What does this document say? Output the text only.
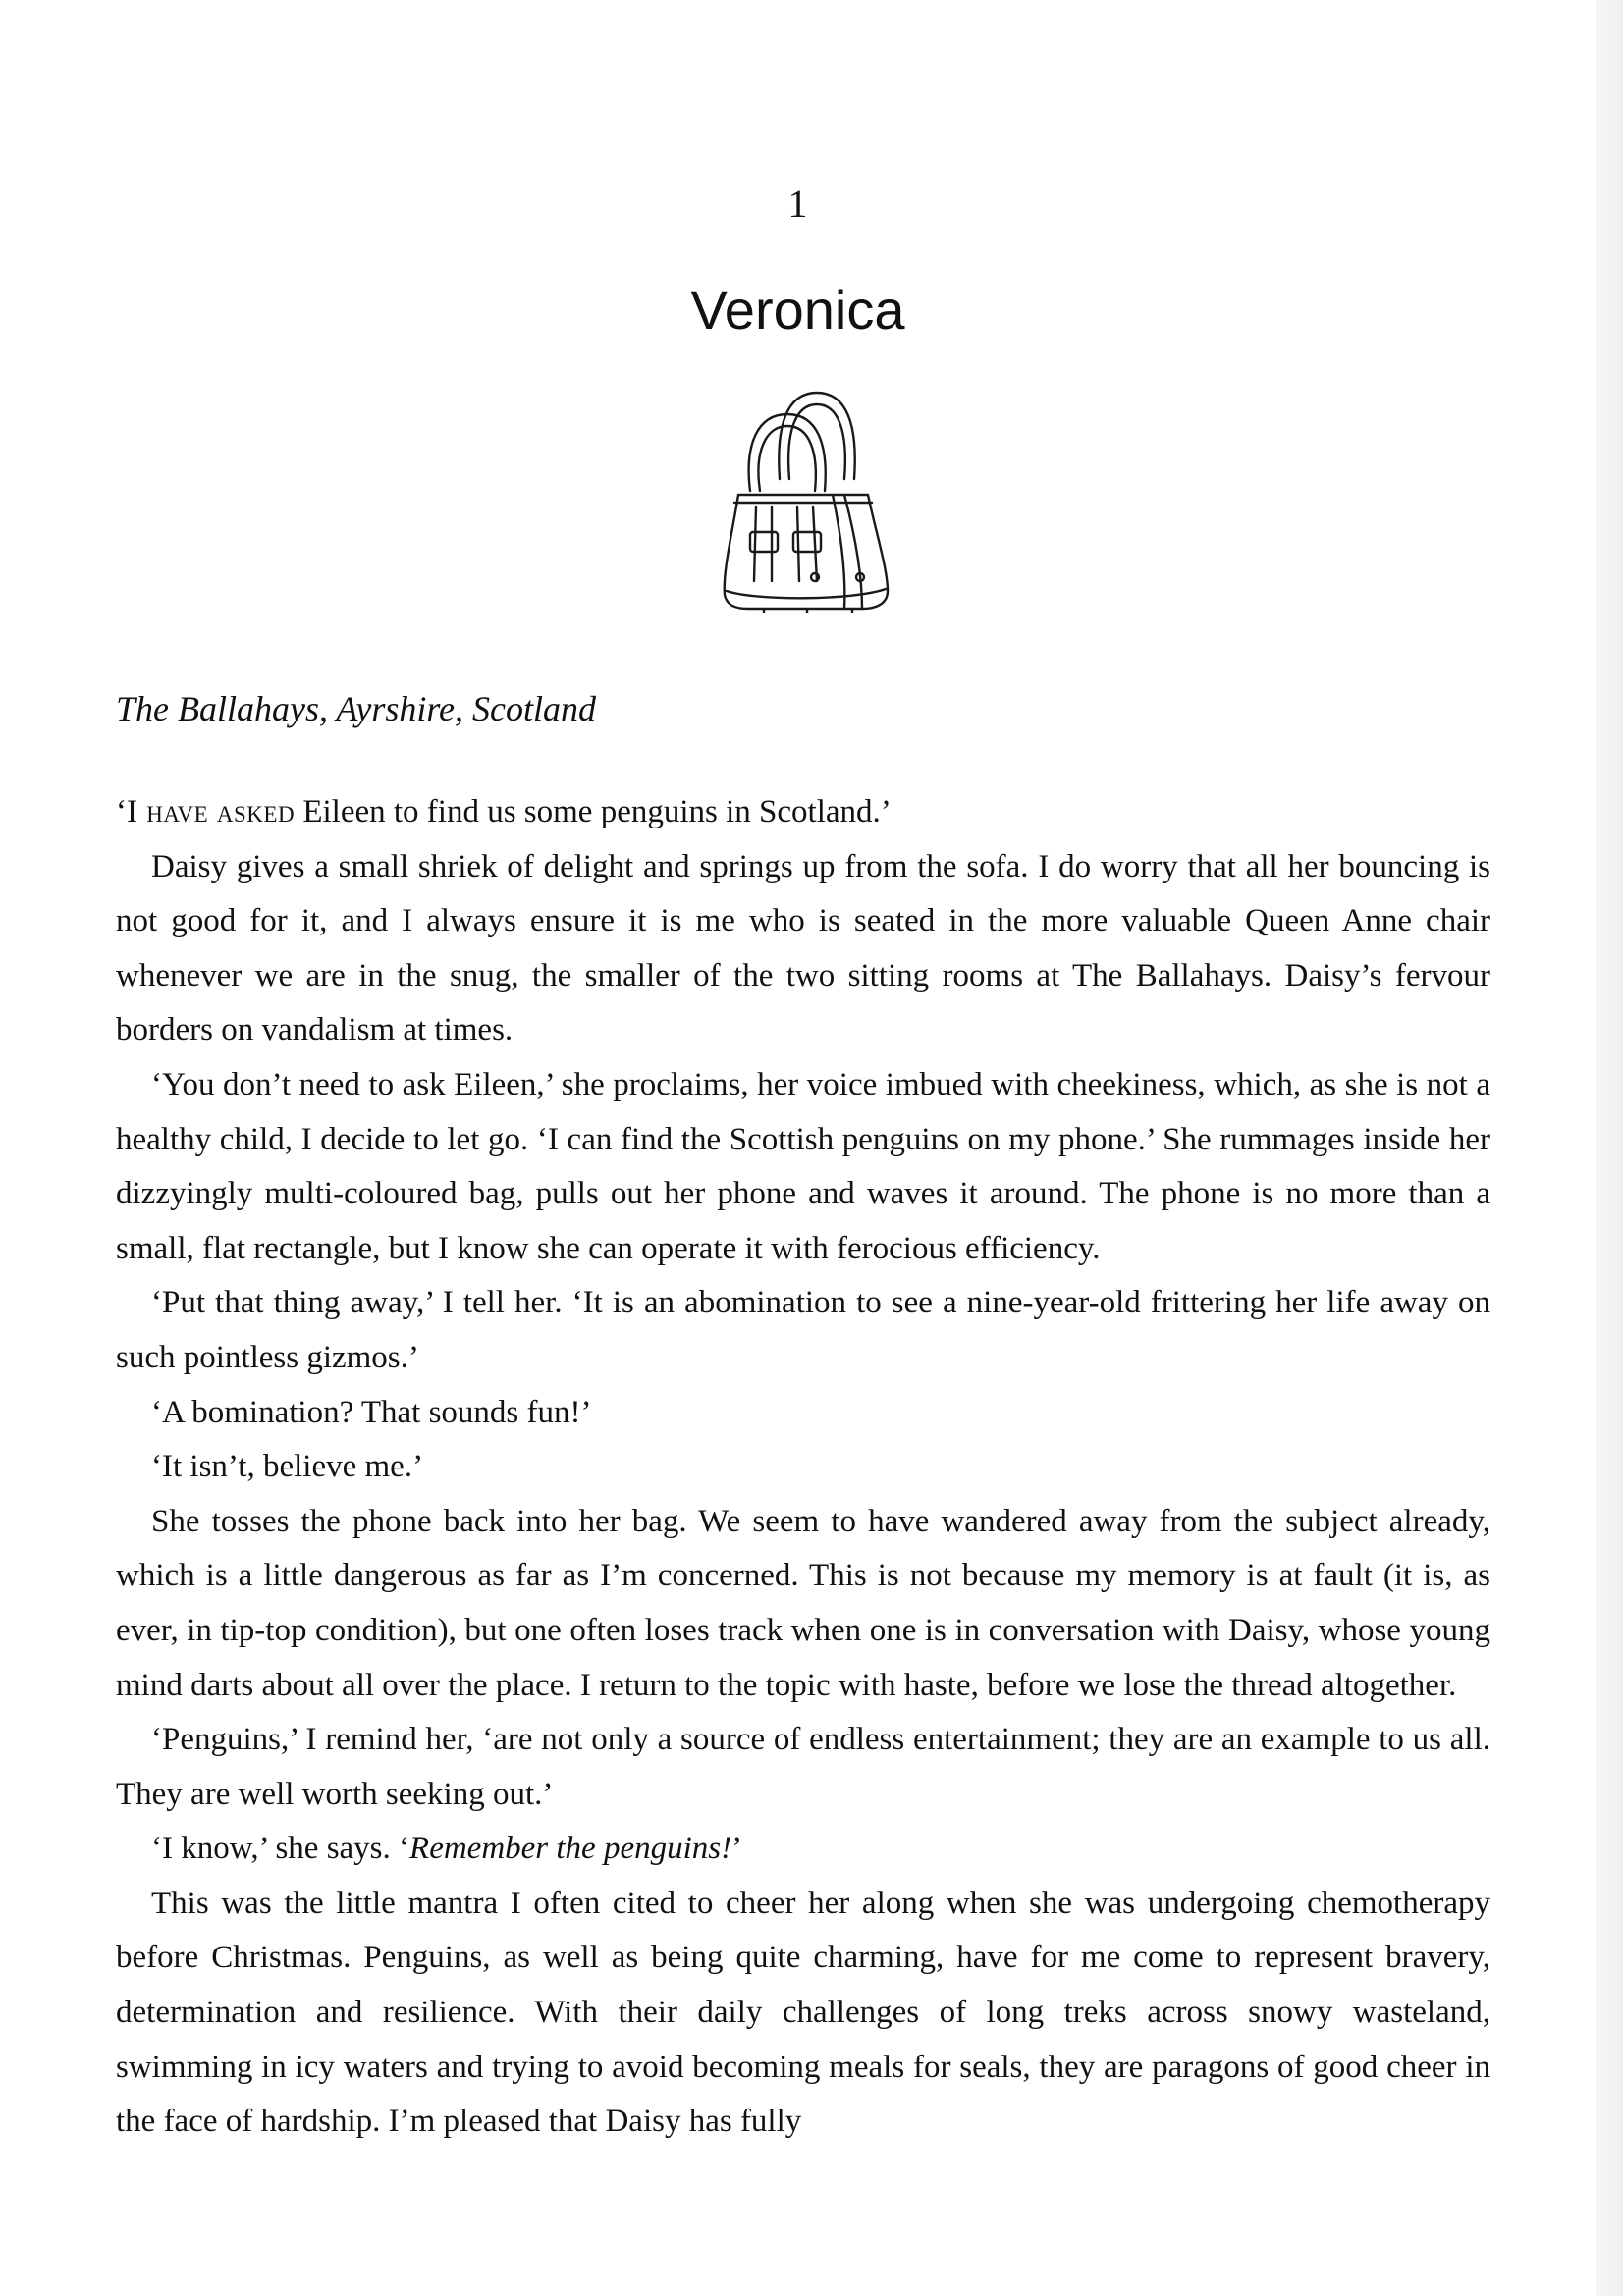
1
Veronica
The Ballahays, Ayrshire, Scotland

‘I have asked Eileen to find us some penguins in Scotland.’

Daisy gives a small shriek of delight and springs up from the sofa. I do worry that all her bouncing is not good for it, and I always ensure it is me who is seated in the more valuable Queen Anne chair whenever we are in the snug, the smaller of the two sitting rooms at The Ballahays. Daisy’s fervour borders on vandalism at times.

‘You don’t need to ask Eileen,’ she proclaims, her voice imbued with cheekiness, which, as she is not a healthy child, I decide to let go. ‘I can find the Scottish penguins on my phone.’ She rummages inside her dizzyingly multi-coloured bag, pulls out her phone and waves it around. The phone is no more than a small, flat rectangle, but I know she can operate it with ferocious efficiency.

‘Put that thing away,’ I tell her. ‘It is an abomination to see a nine-year-old frittering her life away on such pointless gizmos.’

‘A bomination? That sounds fun!’

‘It isn’t, believe me.’

She tosses the phone back into her bag. We seem to have wandered away from the subject already, which is a little dangerous as far as I’m concerned. This is not because my memory is at fault (it is, as ever, in tip-top condition), but one often loses track when one is in conversation with Daisy, whose young mind darts about all over the place. I return to the topic with haste, before we lose the thread altogether.

‘Penguins,’ I remind her, ‘are not only a source of endless entertainment; they are an example to us all. They are well worth seeking out.’

‘I know,’ she says. ‘Remember the penguins!’

This was the little mantra I often cited to cheer her along when she was undergoing chemotherapy before Christmas. Penguins, as well as being quite charming, have for me come to represent bravery, determination and resilience. With their daily challenges of long treks across snowy wasteland, swimming in icy waters and trying to avoid becoming meals for seals, they are paragons of good cheer in the face of hardship. I’m pleased that Daisy has fully
